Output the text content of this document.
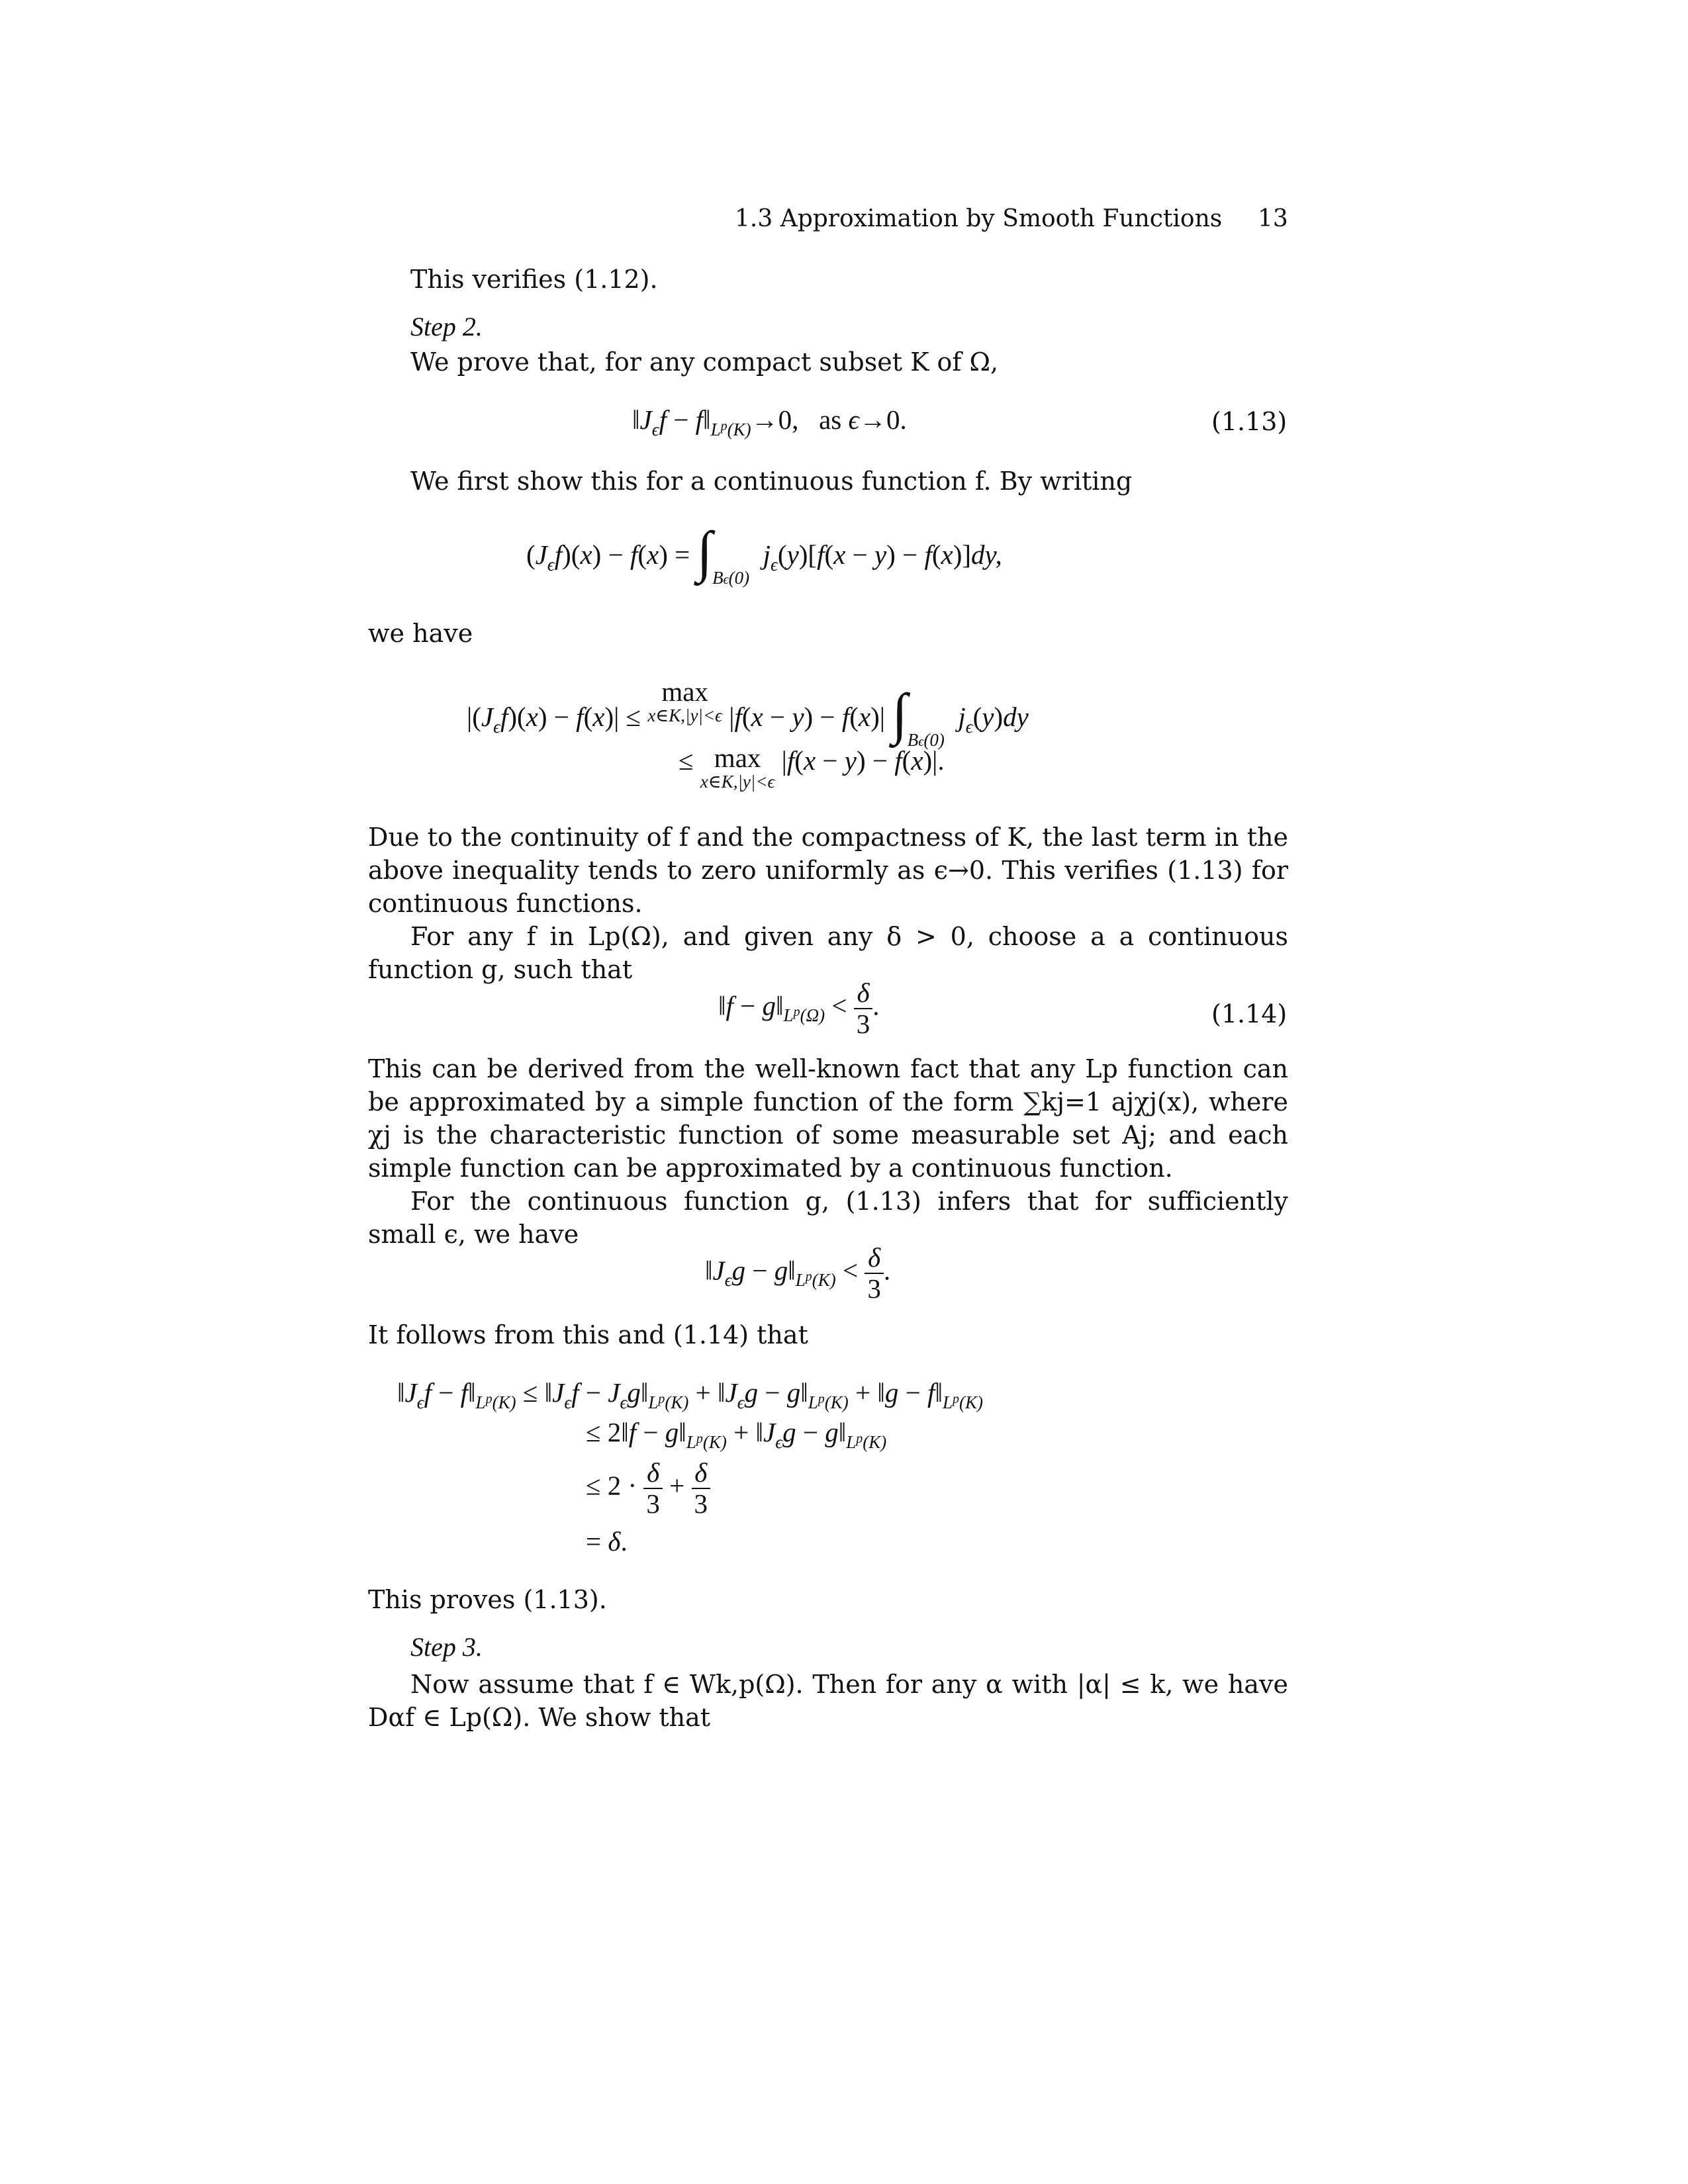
1.3 Approximation by Smooth Functions 13
This verifies (1.12).
Step 2.
We prove that, for any compact subset K of Ω,
$‖J_\epsilon f$ − $f‖_{L^p(K)}\to 0$, as ϵ→0.	(1.13)
We first show this for a continuous function f. By writing
$(J_\epsilon f)(x) - f(x) = \int_{B\epsilon(0)}$  $j_\epsilon(y)[f(x - y) - f(x)]dy$,
we have
$|(J_\epsilon f)(x) - f(x)|$ ≤
max
x∈K,|y|<ϵ |f(x − y) − f(x)| $\int_{B\epsilon(0)}$  $j_\epsilon(y)dy$
≤ max
x∈K,|y|<ϵ
|f(x − y) − f(x)|.
Due to the continuity of f and the compactness of K, the last term in the above inequality tends to zero uniformly as ϵ→0. This verifies (1.13) for continuous functions.
For any f in Lp(Ω), and given any δ > 0, choose a a continuous function g, such that
‖f − $g‖_{L^p(\Omega)} < \frac{\delta}{3}$ .	(1.14)
This can be derived from the well-known fact that any Lp function can be approximated by a simple function of the form ∑kj=1 ajχj(x), where χj is the characteristic function of some measurable set Aj; and each simple function can be approximated by a continuous function.
For the continuous function g, (1.13) infers that for sufficiently small ϵ, we have
$‖J_\epsilon g$ − $g‖_{L^p(K)} < \frac{\delta}{3}$ .
It follows from this and (1.14) that
$‖J_\epsilon f$ − $f‖_{L^p(K)}$ ≤ $‖J_\epsilon f$ − $J_\epsilon g‖_{L^p(K)}$ + $‖J_\epsilon g$ − $g‖_{L^p(K)}$ + ‖g − $f‖_{L^p(K)}$
≤ 2‖f − $g‖_{L^p(K)}$ + $‖J_\epsilon g$ − $g‖_{L^p(K)}$
≤ $2 \cdot \frac{\delta}{3} + \frac{\delta}{3}$
= δ.
This proves (1.13).
Step 3.
Now assume that f ∈ Wk,p(Ω). Then for any α with |α| ≤ k, we have Dαf ∈ Lp(Ω). We show that
